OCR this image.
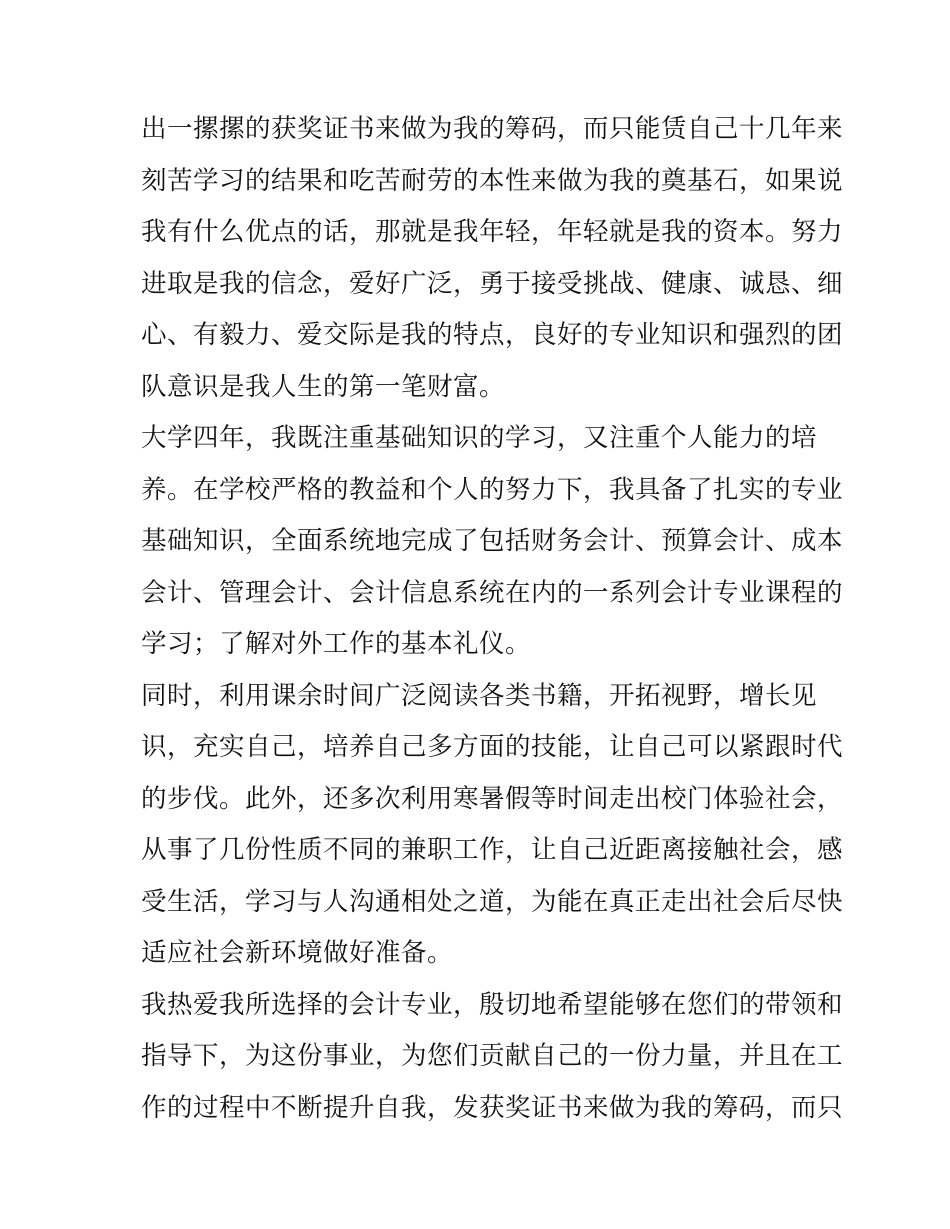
出一摞摞的获奖证书来做为我的筹码，而只能赁自己十几年来
刻苦学习的结果和吃苦耐劳的本性来做为我的奠基石，如果说
我有什么优点的话，那就是我年轻，年轻就是我的资本。努力
进取是我的信念，爱好广泛，勇于接受挑战、健康、诚恳、细
心、有毅力、爱交际是我的特点，良好的专业知识和强烈的团
队意识是我人生的第一笔财富。
大学四年，我既注重基础知识的学习，又注重个人能力的培
养。在学校严格的教益和个人的努力下，我具备了扎实的专业
基础知识，全面系统地完成了包括财务会计、预算会计、成本
会计、管理会计、会计信息系统在内的一系列会计专业课程的
学习；了解对外工作的基本礼仪。
同时，利用课余时间广泛阅读各类书籍，开拓视野，增长见
识，充实自己，培养自己多方面的技能，让自己可以紧跟时代
的步伐。此外，还多次利用寒暑假等时间走出校门体验社会，
从事了几份性质不同的兼职工作，让自己近距离接触社会，感
受生活，学习与人沟通相处之道，为能在真正走出社会后尽快
适应社会新环境做好准备。
我热爱我所选择的会计专业，殷切地希望能够在您们的带领和
指导下，为这份事业，为您们贡献自己的一份力量，并且在工
作的过程中不断提升自我，发获奖证书来做为我的筹码，而只
